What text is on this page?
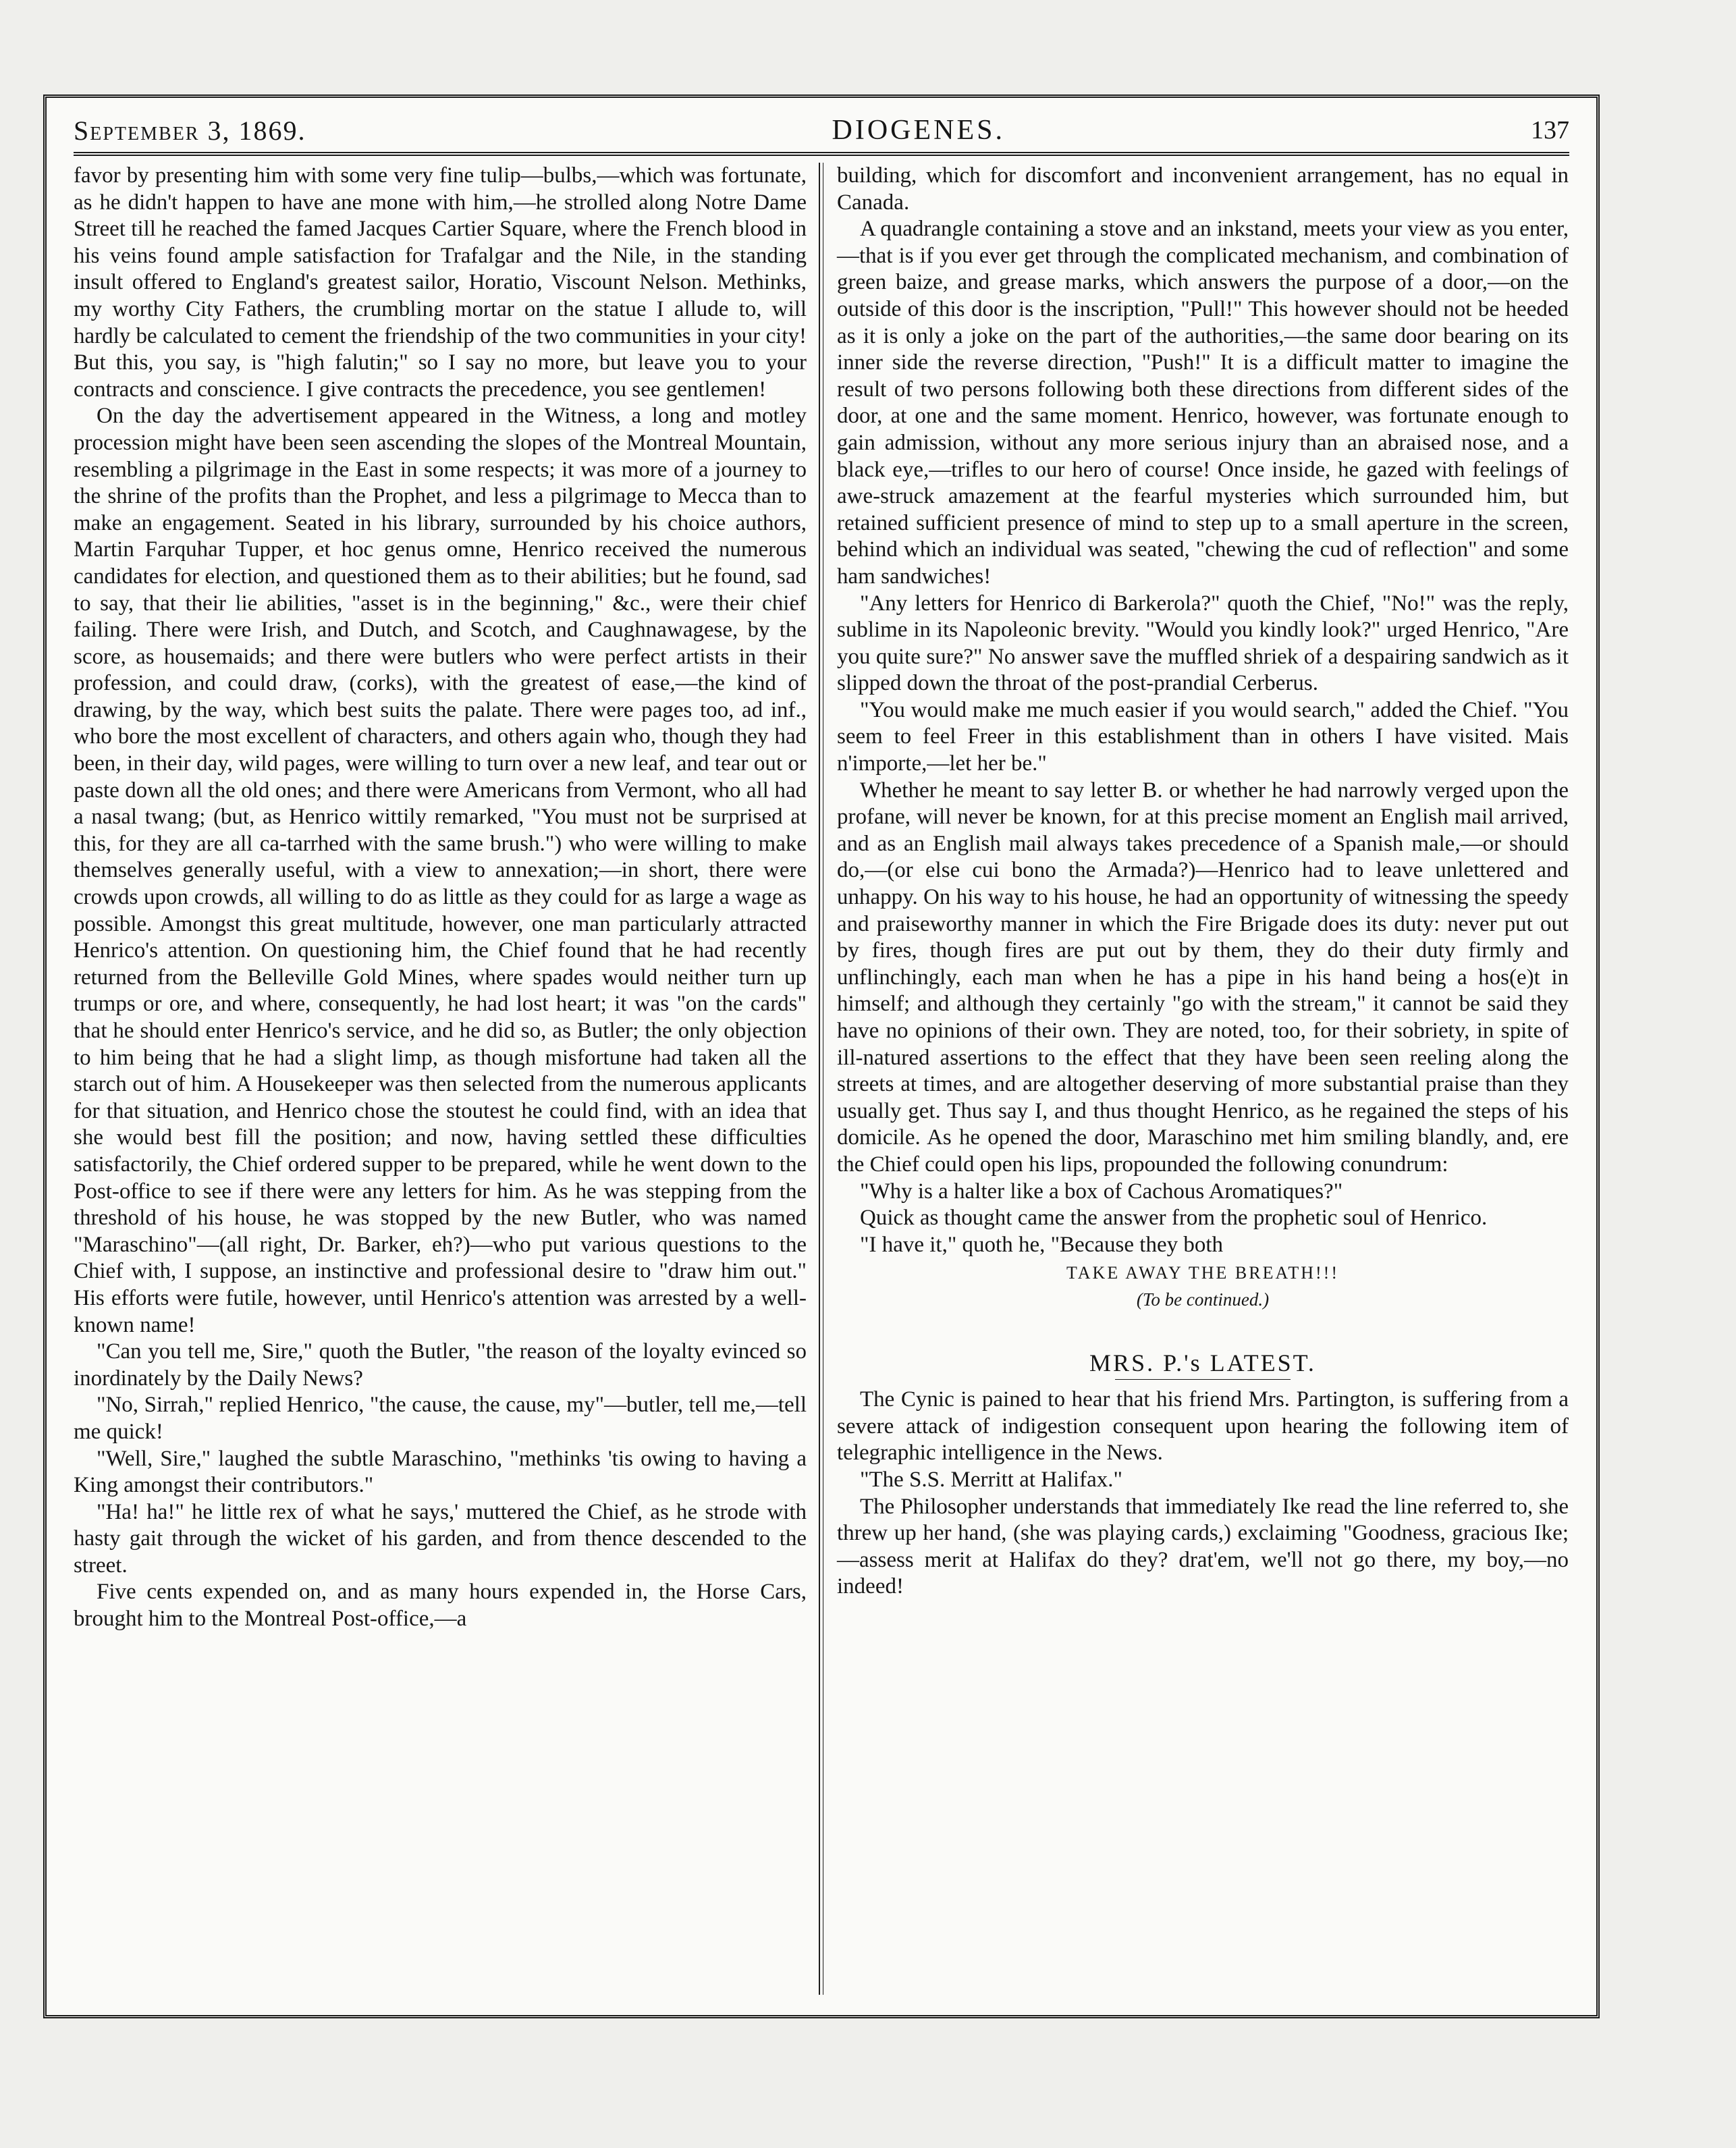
September 3, 1869.	DIOGENES.	137

favor by presenting him with some very fine tulip—bulbs,—which was fortunate, as he didn't happen to have ane mone with him,—he strolled along Notre Dame Street till he reached the famed Jacques Cartier Square, where the French blood in his veins found ample satisfaction for Trafalgar and the Nile, in the standing insult offered to England's greatest sailor, Horatio, Viscount Nelson. Methinks, my worthy City Fathers, the crumbling mortar on the statue I allude to, will hardly be calculated to cement the friendship of the two communities in your city! But this, you say, is "high falutin;" so I say no more, but leave you to your contracts and conscience. I give contracts the precedence, you see gentlemen!

On the day the advertisement appeared in the Witness, a long and motley procession might have been seen ascending the slopes of the Montreal Mountain, resembling a pilgrimage in the East in some respects; it was more of a journey to the shrine of the profits than the Prophet, and less a pilgrimage to Mecca than to make an engagement. Seated in his library, surrounded by his choice authors, Martin Farquhar Tupper, et hoc genus omne, Henrico received the numerous candidates for election, and questioned them as to their abilities; but he found, sad to say, that their lie abilities, "asset is in the beginning," &c., were their chief failing. There were Irish, and Dutch, and Scotch, and Caughnawagese, by the score, as housemaids; and there were butlers who were perfect artists in their profession, and could draw, (corks), with the greatest of ease,—the kind of drawing, by the way, which best suits the palate. There were pages too, ad inf., who bore the most excellent of characters, and others again who, though they had been, in their day, wild pages, were willing to turn over a new leaf, and tear out or paste down all the old ones; and there were Americans from Vermont, who all had a nasal twang; (but, as Henrico wittily remarked, "You must not be surprised at this, for they are all ca-tarrhed with the same brush.") who were willing to make themselves generally useful, with a view to annexation;—in short, there were crowds upon crowds, all willing to do as little as they could for as large a wage as possible. Amongst this great multitude, however, one man particularly attracted Henrico's attention. On questioning him, the Chief found that he had recently returned from the Belleville Gold Mines, where spades would neither turn up trumps or ore, and where, consequently, he had lost heart; it was "on the cards" that he should enter Henrico's service, and he did so, as Butler; the only objection to him being that he had a slight limp, as though misfortune had taken all the starch out of him. A Housekeeper was then selected from the numerous applicants for that situation, and Henrico chose the stoutest he could find, with an idea that she would best fill the position; and now, having settled these difficulties satisfactorily, the Chief ordered supper to be prepared, while he went down to the Post-office to see if there were any letters for him. As he was stepping from the threshold of his house, he was stopped by the new Butler, who was named "Maraschino"—(all right, Dr. Barker, eh?)—who put various questions to the Chief with, I suppose, an instinctive and professional desire to "draw him out." His efforts were futile, however, until Henrico's attention was arrested by a well-known name!

"Can you tell me, Sire," quoth the Butler, "the reason of the loyalty evinced so inordinately by the Daily News?

"No, Sirrah," replied Henrico, "the cause, the cause, my"—butler, tell me,—tell me quick!

"Well, Sire," laughed the subtle Maraschino, "methinks 'tis owing to having a King amongst their contributors."

"Ha! ha!" he little rex of what he says,' muttered the Chief, as he strode with hasty gait through the wicket of his garden, and from thence descended to the street.

Five cents expended on, and as many hours expended in, the Horse Cars, brought him to the Montreal Post-office,—a

building, which for discomfort and inconvenient arrangement, has no equal in Canada.

A quadrangle containing a stove and an inkstand, meets your view as you enter,—that is if you ever get through the complicated mechanism, and combination of green baize, and grease marks, which answers the purpose of a door,—on the outside of this door is the inscription, "Pull!" This however should not be heeded as it is only a joke on the part of the authorities,—the same door bearing on its inner side the reverse direction, "Push!" It is a difficult matter to imagine the result of two persons following both these directions from different sides of the door, at one and the same moment. Henrico, however, was fortunate enough to gain admission, without any more serious injury than an abraised nose, and a black eye,—trifles to our hero of course! Once inside, he gazed with feelings of awe-struck amazement at the fearful mysteries which surrounded him, but retained sufficient presence of mind to step up to a small aperture in the screen, behind which an individual was seated, "chewing the cud of reflection" and some ham sandwiches!

"Any letters for Henrico di Barkerola?" quoth the Chief, "No!" was the reply, sublime in its Napoleonic brevity. "Would you kindly look?" urged Henrico, "Are you quite sure?" No answer save the muffled shriek of a despairing sandwich as it slipped down the throat of the post-prandial Cerberus.

"You would make me much easier if you would search," added the Chief. "You seem to feel Freer in this establishment than in others I have visited. Mais n'importe,—let her be."

Whether he meant to say letter B. or whether he had narrowly verged upon the profane, will never be known, for at this precise moment an English mail arrived, and as an English mail always takes precedence of a Spanish male,—or should do,—(or else cui bono the Armada?)—Henrico had to leave unlettered and unhappy. On his way to his house, he had an opportunity of witnessing the speedy and praiseworthy manner in which the Fire Brigade does its duty: never put out by fires, though fires are put out by them, they do their duty firmly and unflinchingly, each man when he has a pipe in his hand being a hos(e)t in himself; and although they certainly "go with the stream," it cannot be said they have no opinions of their own. They are noted, too, for their sobriety, in spite of ill-natured assertions to the effect that they have been seen reeling along the streets at times, and are altogether deserving of more substantial praise than they usually get. Thus say I, and thus thought Henrico, as he regained the steps of his domicile. As he opened the door, Maraschino met him smiling blandly, and, ere the Chief could open his lips, propounded the following conundrum:

"Why is a halter like a box of Cachous Aromatiques?"

Quick as thought came the answer from the prophetic soul of Henrico.

"I have it," quoth he, "Because they both

TAKE AWAY THE BREATH!!!
(To be continued.)
MRS. P.'s LATEST.

The Cynic is pained to hear that his friend Mrs. Partington, is suffering from a severe attack of indigestion consequent upon hearing the following item of telegraphic intelligence in the News.

"The S.S. Merritt at Halifax."

The Philosopher understands that immediately Ike read the line referred to, she threw up her hand, (she was playing cards,) exclaiming "Goodness, gracious Ike;—assess merit at Halifax do they? drat'em, we'll not go there, my boy,—no indeed!
